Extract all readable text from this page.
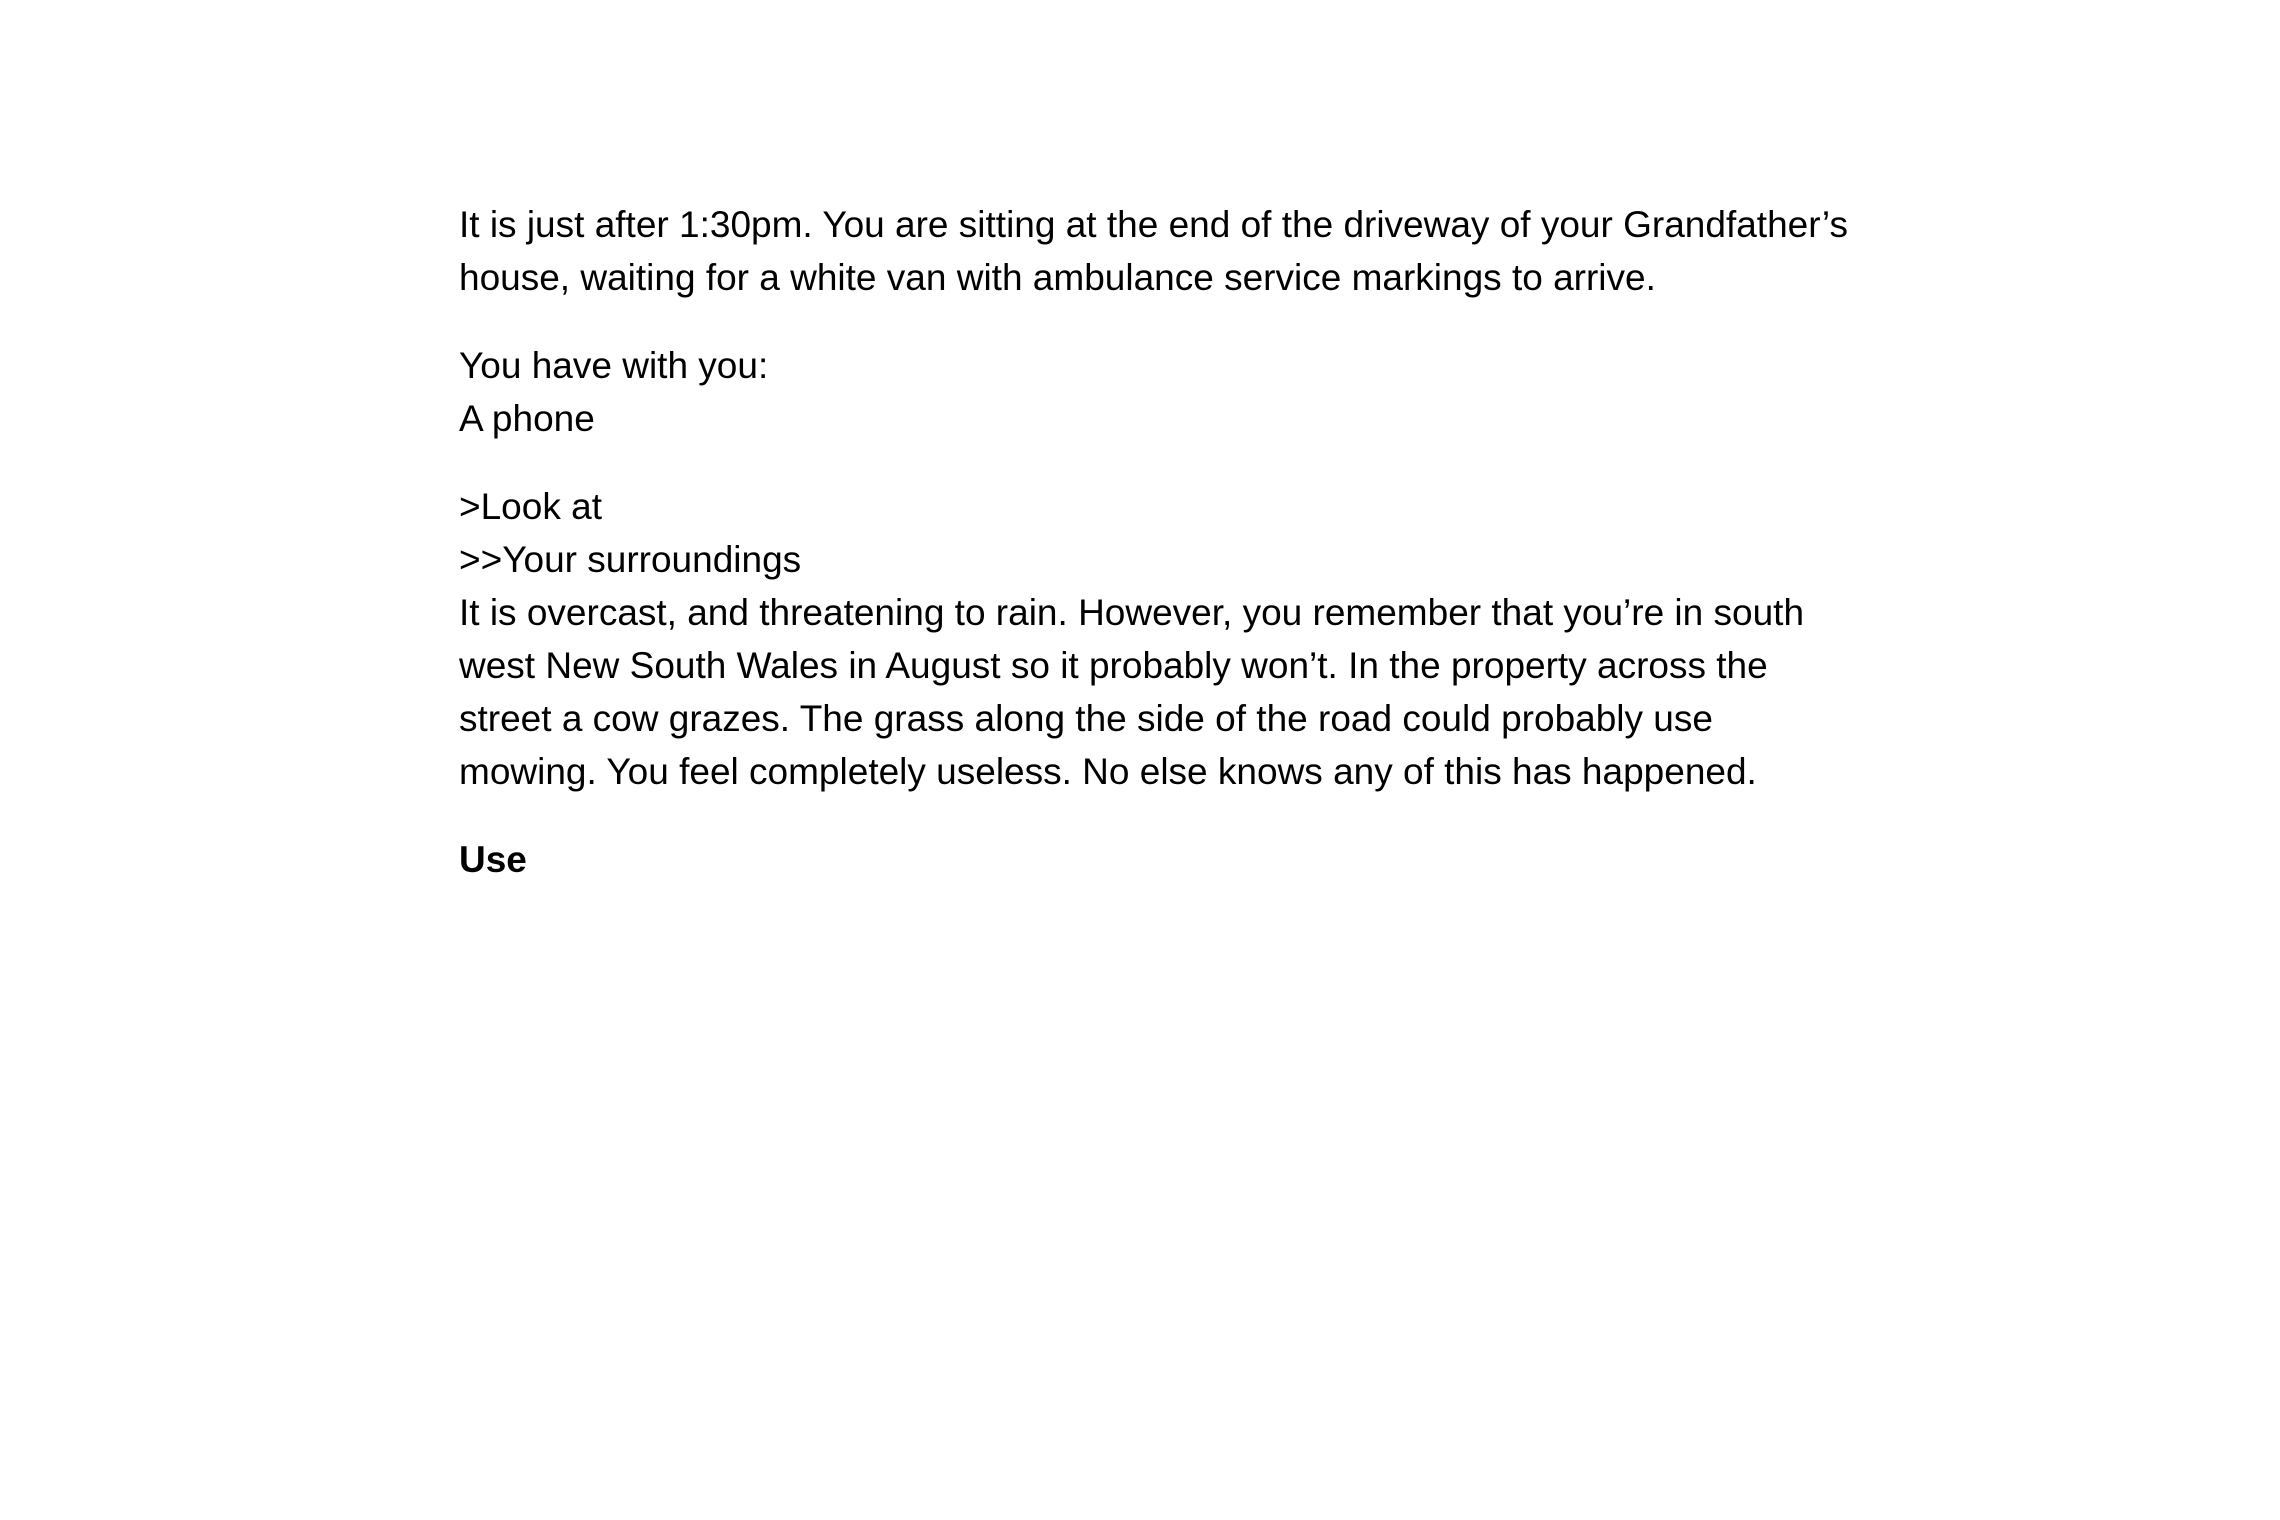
It is just after 1:30pm. You are sitting at the end of the driveway of your Grandfather’s
house, waiting for a white van with ambulance service markings to arrive.
You have with you:
A phone
>Look at
>>Your surroundings
It is overcast, and threatening to rain. However, you remember that you’re in south
west New South Wales in August so it probably won’t. In the property across the
street a cow grazes. The grass along the side of the road could probably use
mowing. You feel completely useless. No else knows any of this has happened.
Use
